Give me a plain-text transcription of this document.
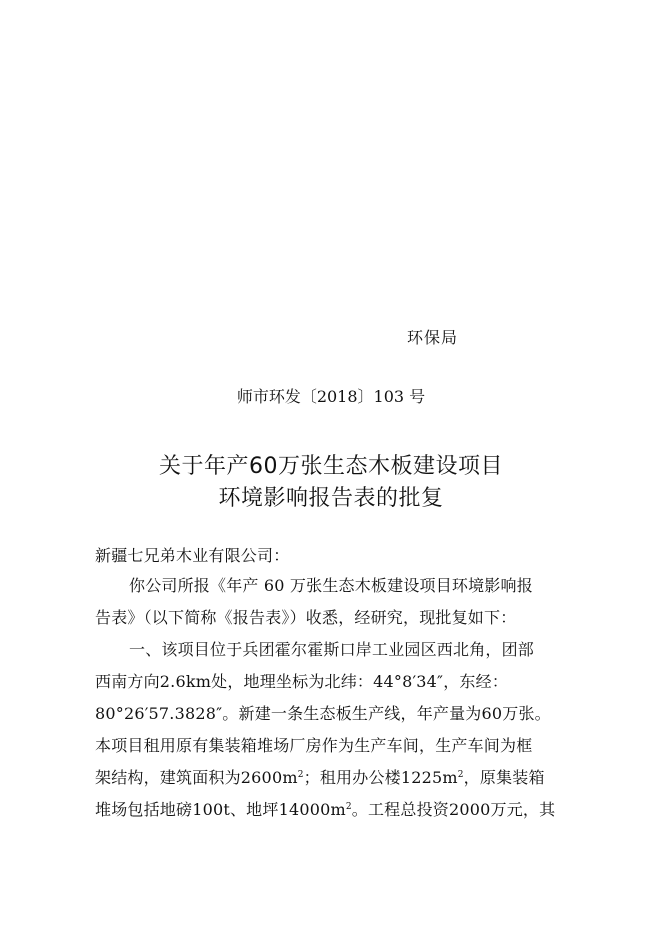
环保局
师市环发〔2018〕103 号
关于年产60万张生态木板建设项目
环境影响报告表的批复
新疆七兄弟木业有限公司：
你公司所报《年产 60 万张生态木板建设项目环境影响报
告表》（以下简称《报告表》）收悉，经研究，现批复如下：
一、该项目位于兵团霍尔霍斯口岸工业园区西北角，团部
西南方向2.6km处，地理坐标为北纬：44°8′34″，东经：
80°26′57.3828″。新建一条生态板生产线，年产量为60万张。
本项目租用原有集装箱堆场厂房作为生产车间，生产车间为框
架结构，建筑面积为$2600m^2$；租用办公楼$1225m^2$，原集装箱
堆场包括地磅100t、地坪$14000m^2$。工程总投资2000万元，其
